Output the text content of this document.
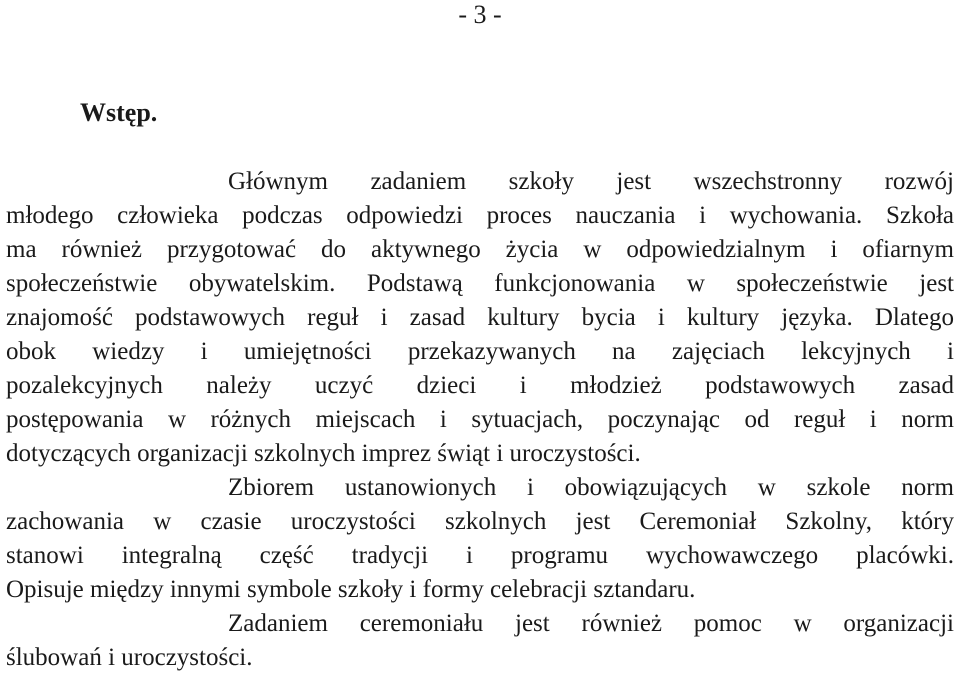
- 3 -
Wstęp.
Głównym zadaniem szkoły jest wszechstronny rozwój
młodego człowieka podczas odpowiedzi proces nauczania i wychowania. Szkoła
ma również przygotować do aktywnego życia w odpowiedzialnym i ofiarnym
społeczeństwie obywatelskim. Podstawą funkcjonowania w społeczeństwie jest
znajomość podstawowych reguł i zasad kultury bycia i kultury języka. Dlatego
obok wiedzy i umiejętności przekazywanych na zajęciach lekcyjnych i
pozalekcyjnych należy uczyć dzieci i młodzież podstawowych zasad
postępowania w różnych miejscach i sytuacjach, poczynając od reguł i norm
dotyczących organizacji szkolnych imprez świąt i uroczystości.
Zbiorem ustanowionych i obowiązujących w szkole norm
zachowania w czasie uroczystości szkolnych jest Ceremoniał Szkolny, który
stanowi integralną część tradycji i programu wychowawczego placówki.
Opisuje między innymi symbole szkoły i formy celebracji sztandaru.
Zadaniem ceremoniału jest również pomoc w organizacji
ślubowań i uroczystości.
